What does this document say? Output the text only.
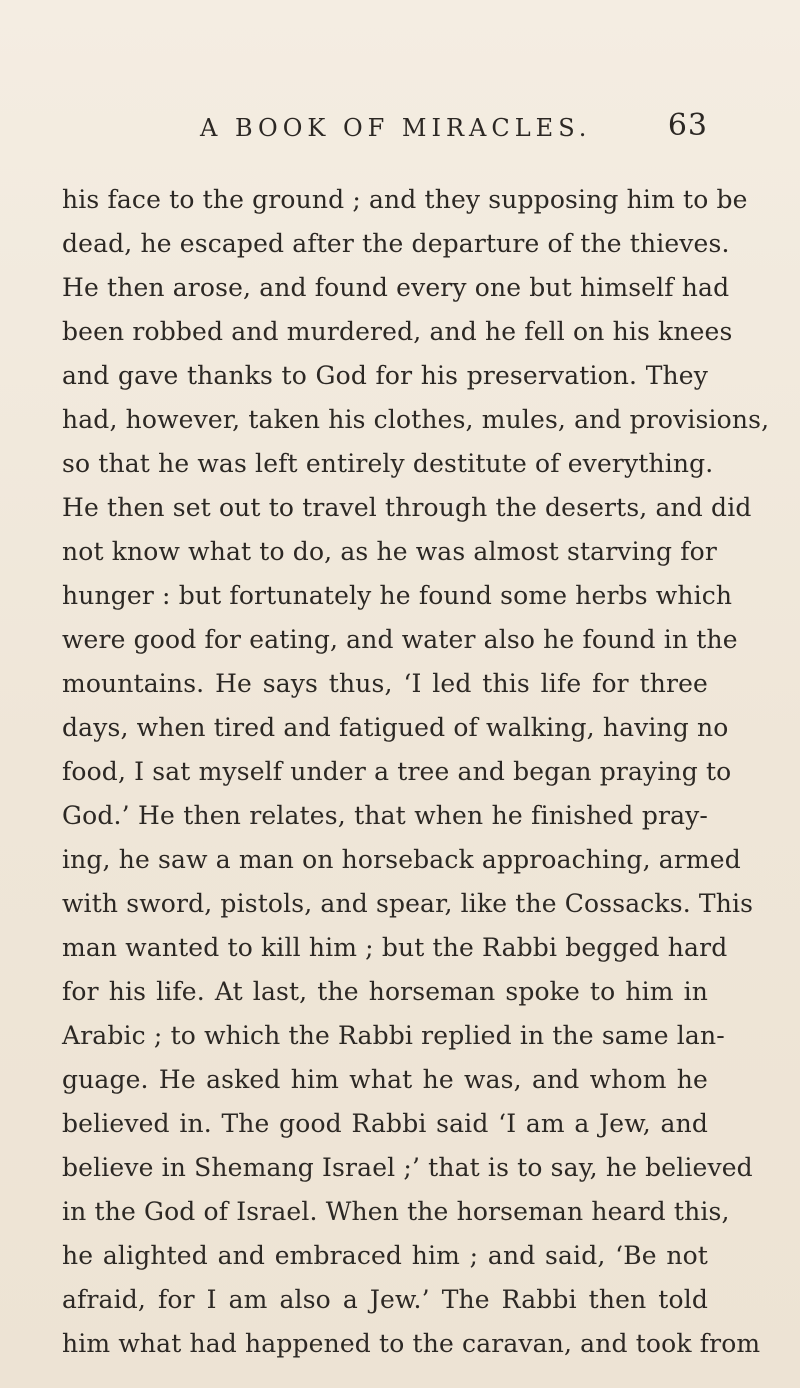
A BOOK OF MIRACLES.	63
his face to the ground ; and they supposing him to be
dead, he escaped after the departure of the thieves.
He then arose, and found every one but himself had
been robbed and murdered, and he fell on his knees
and gave thanks to God for his preservation. They
had, however, taken his clothes, mules, and provisions,
so that he was left entirely destitute of everything.
He then set out to travel through the deserts, and did
not know what to do, as he was almost starving for
hunger : but fortunately he found some herbs which
were good for eating, and water also he found in the
mountains. He says thus, ‘I led this life for three
days, when tired and fatigued of walking, having no
food, I sat myself under a tree and began praying to
God.’ He then relates, that when he finished pray-
ing, he saw a man on horseback approaching, armed
with sword, pistols, and spear, like the Cossacks. This
man wanted to kill him ; but the Rabbi begged hard
for his life. At last, the horseman spoke to him in
Arabic ; to which the Rabbi replied in the same lan-
guage. He asked him what he was, and whom he
believed in. The good Rabbi said ‘I am a Jew, and
believe in Shemang Israel ;’ that is to say, he believed
in the God of Israel. When the horseman heard this,
he alighted and embraced him ; and said, ‘Be not
afraid, for I am also a Jew.’ The Rabbi then told
him what had happened to the caravan, and took from
